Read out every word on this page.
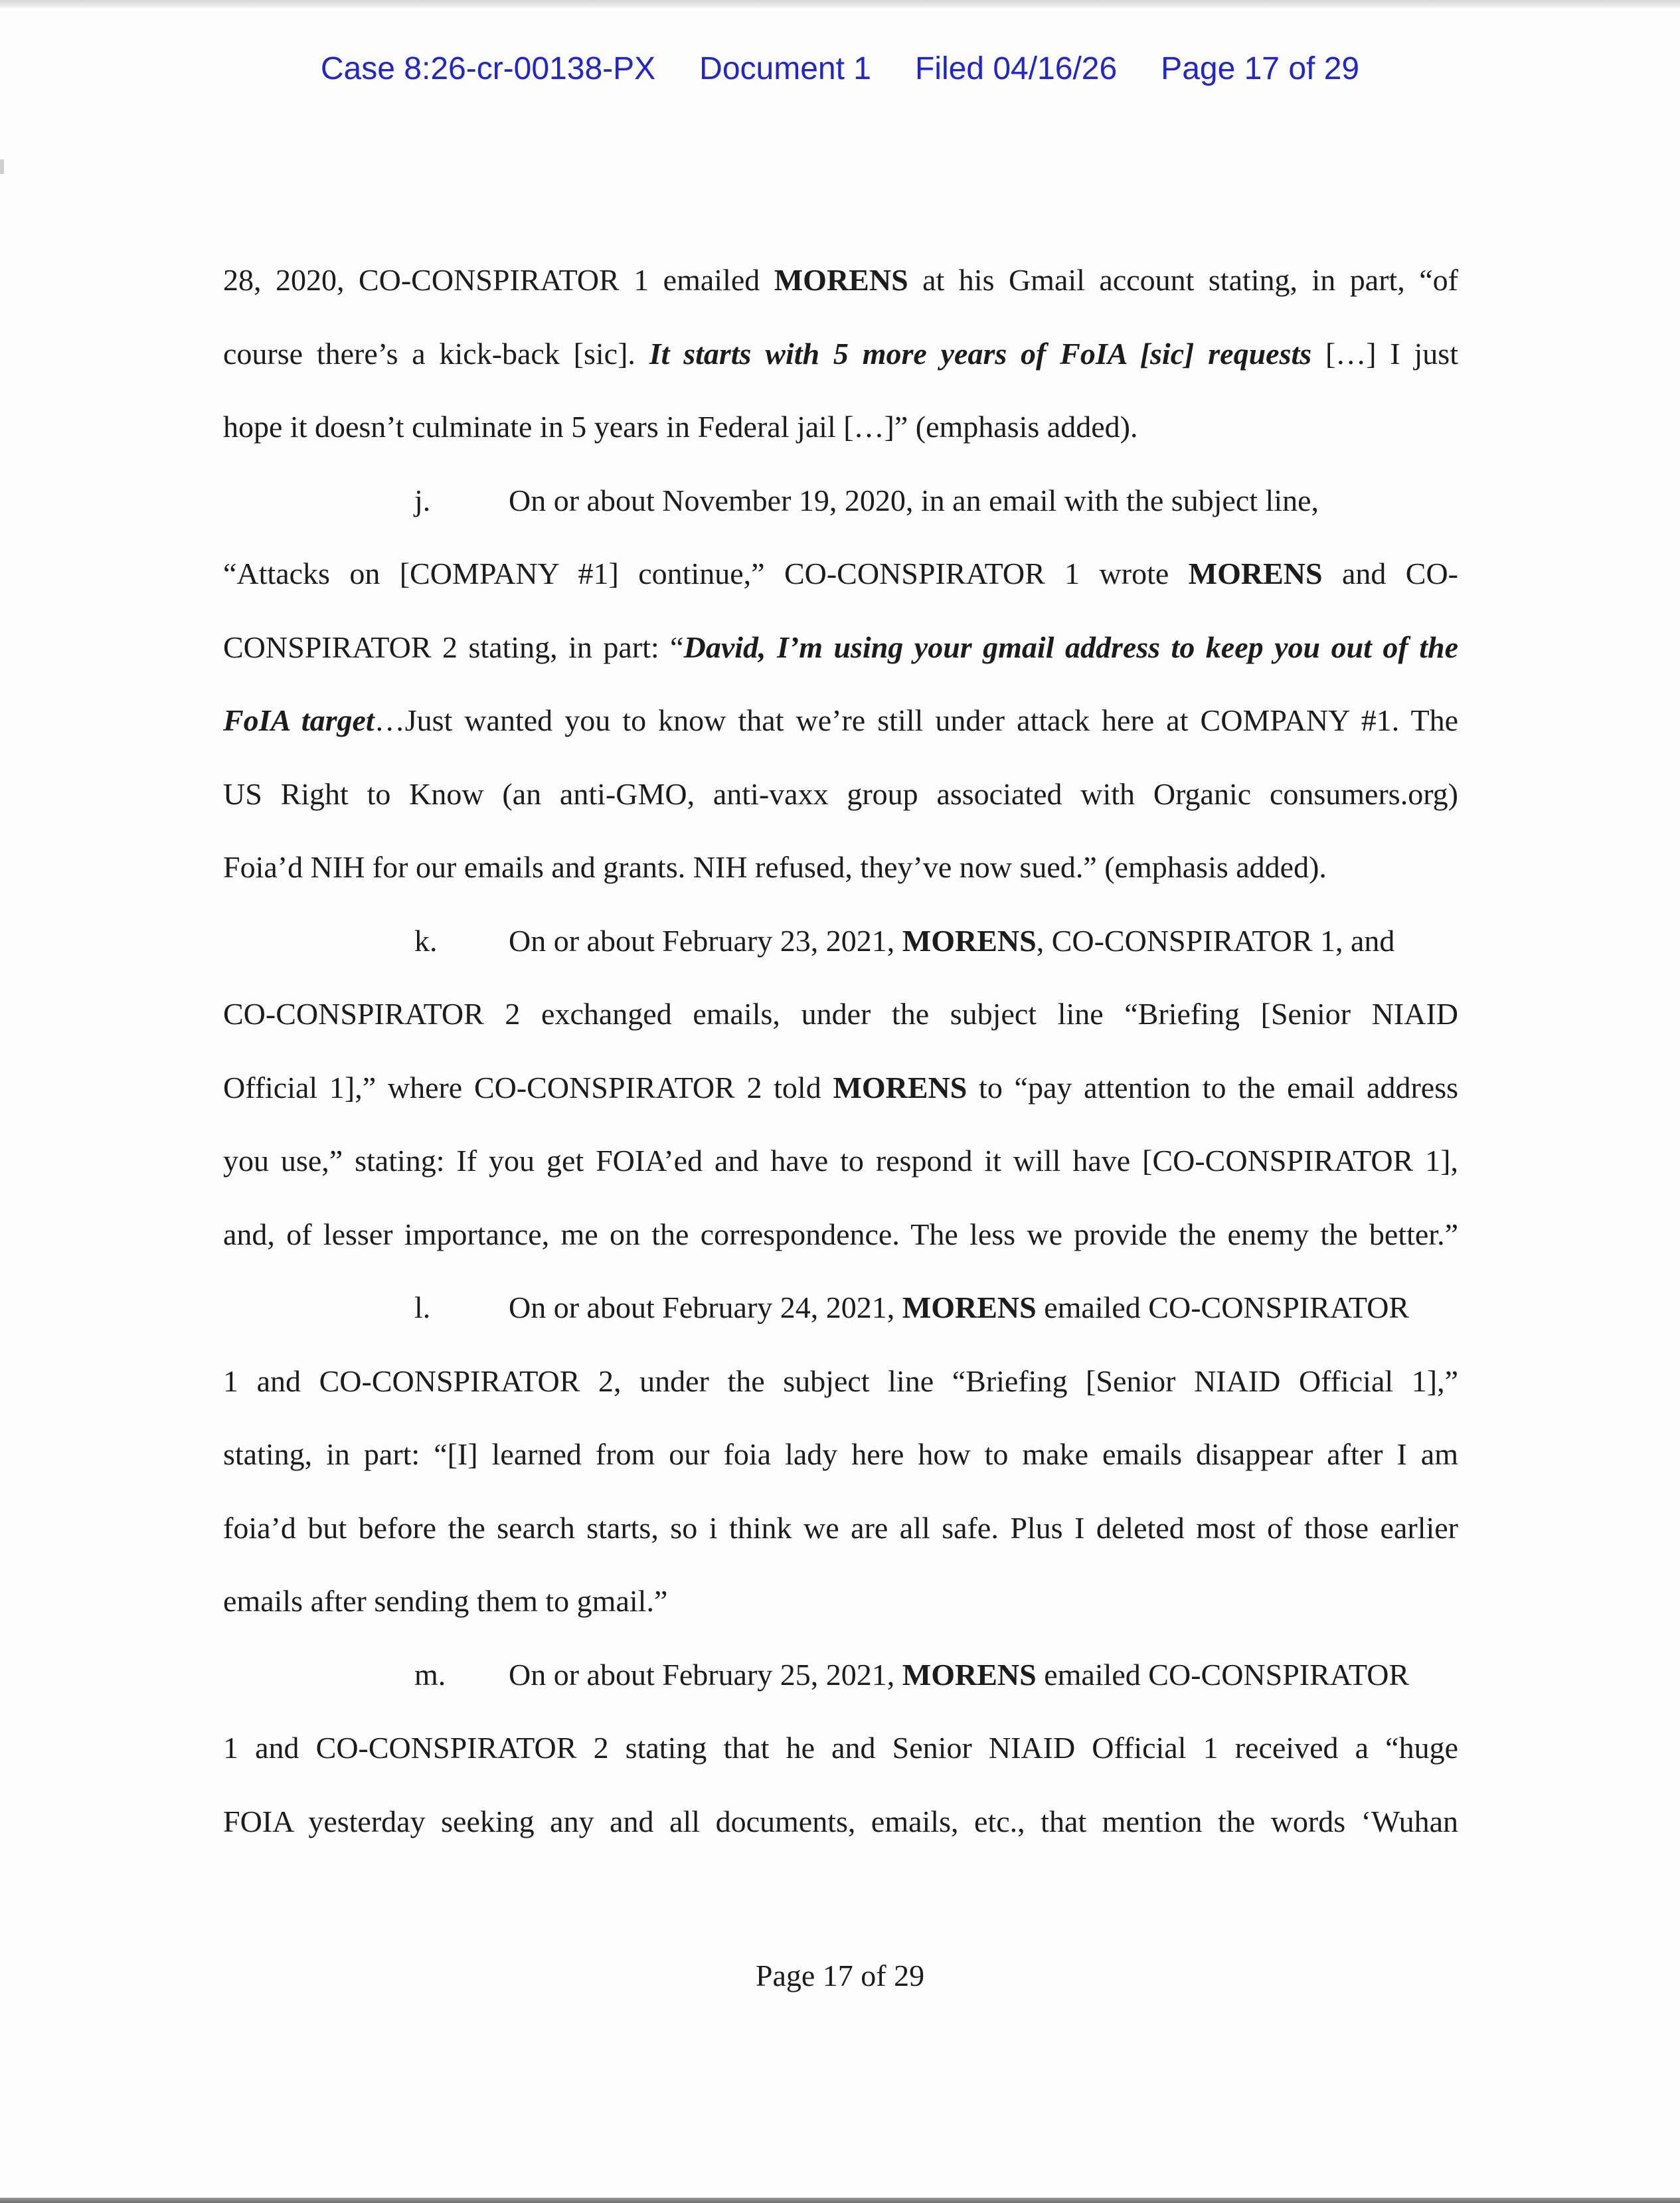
Case 8:26-cr-00138-PX Document 1 Filed 04/16/26 Page 17 of 29
28, 2020, CO-CONSPIRATOR 1 emailed MORENS at his Gmail account stating, in part, “of
course there’s a kick-back [sic]. It starts with 5 more years of FoIA [sic] requests […] I just
hope it doesn’t culminate in 5 years in Federal jail […]” (emphasis added).
j.	On or about November 19, 2020, in an email with the subject line,
“Attacks on [COMPANY #1] continue,” CO-CONSPIRATOR 1 wrote MORENS and CO-
CONSPIRATOR 2 stating, in part: “David, I’m using your gmail address to keep you out of the
FoIA target…Just wanted you to know that we’re still under attack here at COMPANY #1. The
US Right to Know (an anti-GMO, anti-vaxx group associated with Organic consumers.org)
Foia’d NIH for our emails and grants. NIH refused, they’ve now sued.” (emphasis added).
k. On or about February 23, 2021, MORENS, CO-CONSPIRATOR 1, and
CO-CONSPIRATOR 2 exchanged emails, under the subject line “Briefing [Senior NIAID
Official 1],” where CO-CONSPIRATOR 2 told MORENS to “pay attention to the email address
you use,” stating: If you get FOIA’ed and have to respond it will have [CO-CONSPIRATOR 1],
and, of lesser importance, me on the correspondence. The less we provide the enemy the better.”
l.	On or about February 24, 2021, MORENS emailed CO-CONSPIRATOR
1 and CO-CONSPIRATOR 2, under the subject line “Briefing [Senior NIAID Official 1],”
stating, in part: “[I] learned from our foia lady here how to make emails disappear after I am
foia’d but before the search starts, so i think we are all safe. Plus I deleted most of those earlier
emails after sending them to gmail.”
m. On or about February 25, 2021, MORENS emailed CO-CONSPIRATOR
1 and CO-CONSPIRATOR 2 stating that he and Senior NIAID Official 1 received a “huge
FOIA yesterday seeking any and all documents, emails, etc., that mention the words ‘Wuhan
Page 17 of 29
